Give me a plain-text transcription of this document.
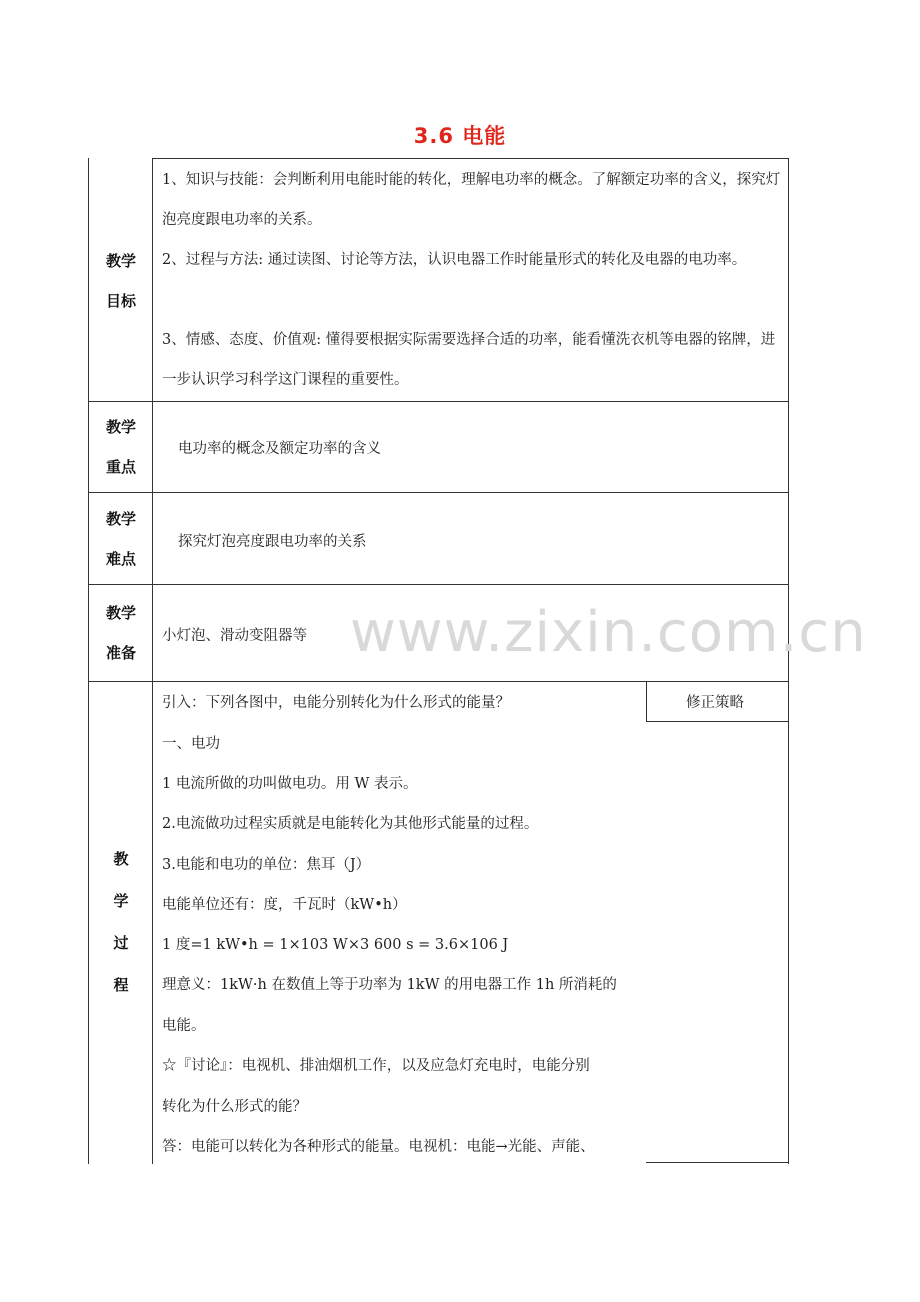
3.6 电能
教学
目标
1、知识与技能：会判断利用电能时能的转化，理解电功率的概念。了解额定功率的含义，探究灯泡亮度跟电功率的关系。
2、过程与方法: 通过读图、讨论等方法，认识电器工作时能量形式的转化及电器的电功率。
3、情感、态度、价值观: 懂得要根据实际需要选择合适的功率，能看懂洗衣机等电器的铭牌，进一步认识学习科学这门课程的重要性。
教学
重点
电功率的概念及额定功率的含义
教学
难点
探究灯泡亮度跟电功率的关系
教学
准备
小灯泡、滑动变阻器等
教
学
过
程
修正策略
引入：下列各图中，电能分别转化为什么形式的能量？
一、电功
1 电流所做的功叫做电功。用 W 表示。
2.电流做功过程实质就是电能转化为其他形式能量的过程。
3.电能和电功的单位：焦耳（J）
电能单位还有：度，千瓦时（kW•h）
1 度=1 kW•h = 1×103 W×3 600 s = 3.6×106 J
理意义：1kW·h 在数值上等于功率为 1kW 的用电器工作 1h 所消耗的
电能。
☆『讨论』：电视机、排油烟机工作，以及应急灯充电时，电能分别
转化为什么形式的能？
答：电能可以转化为各种形式的能量。电视机：电能→光能、声能、
www.zixin.com.cn
